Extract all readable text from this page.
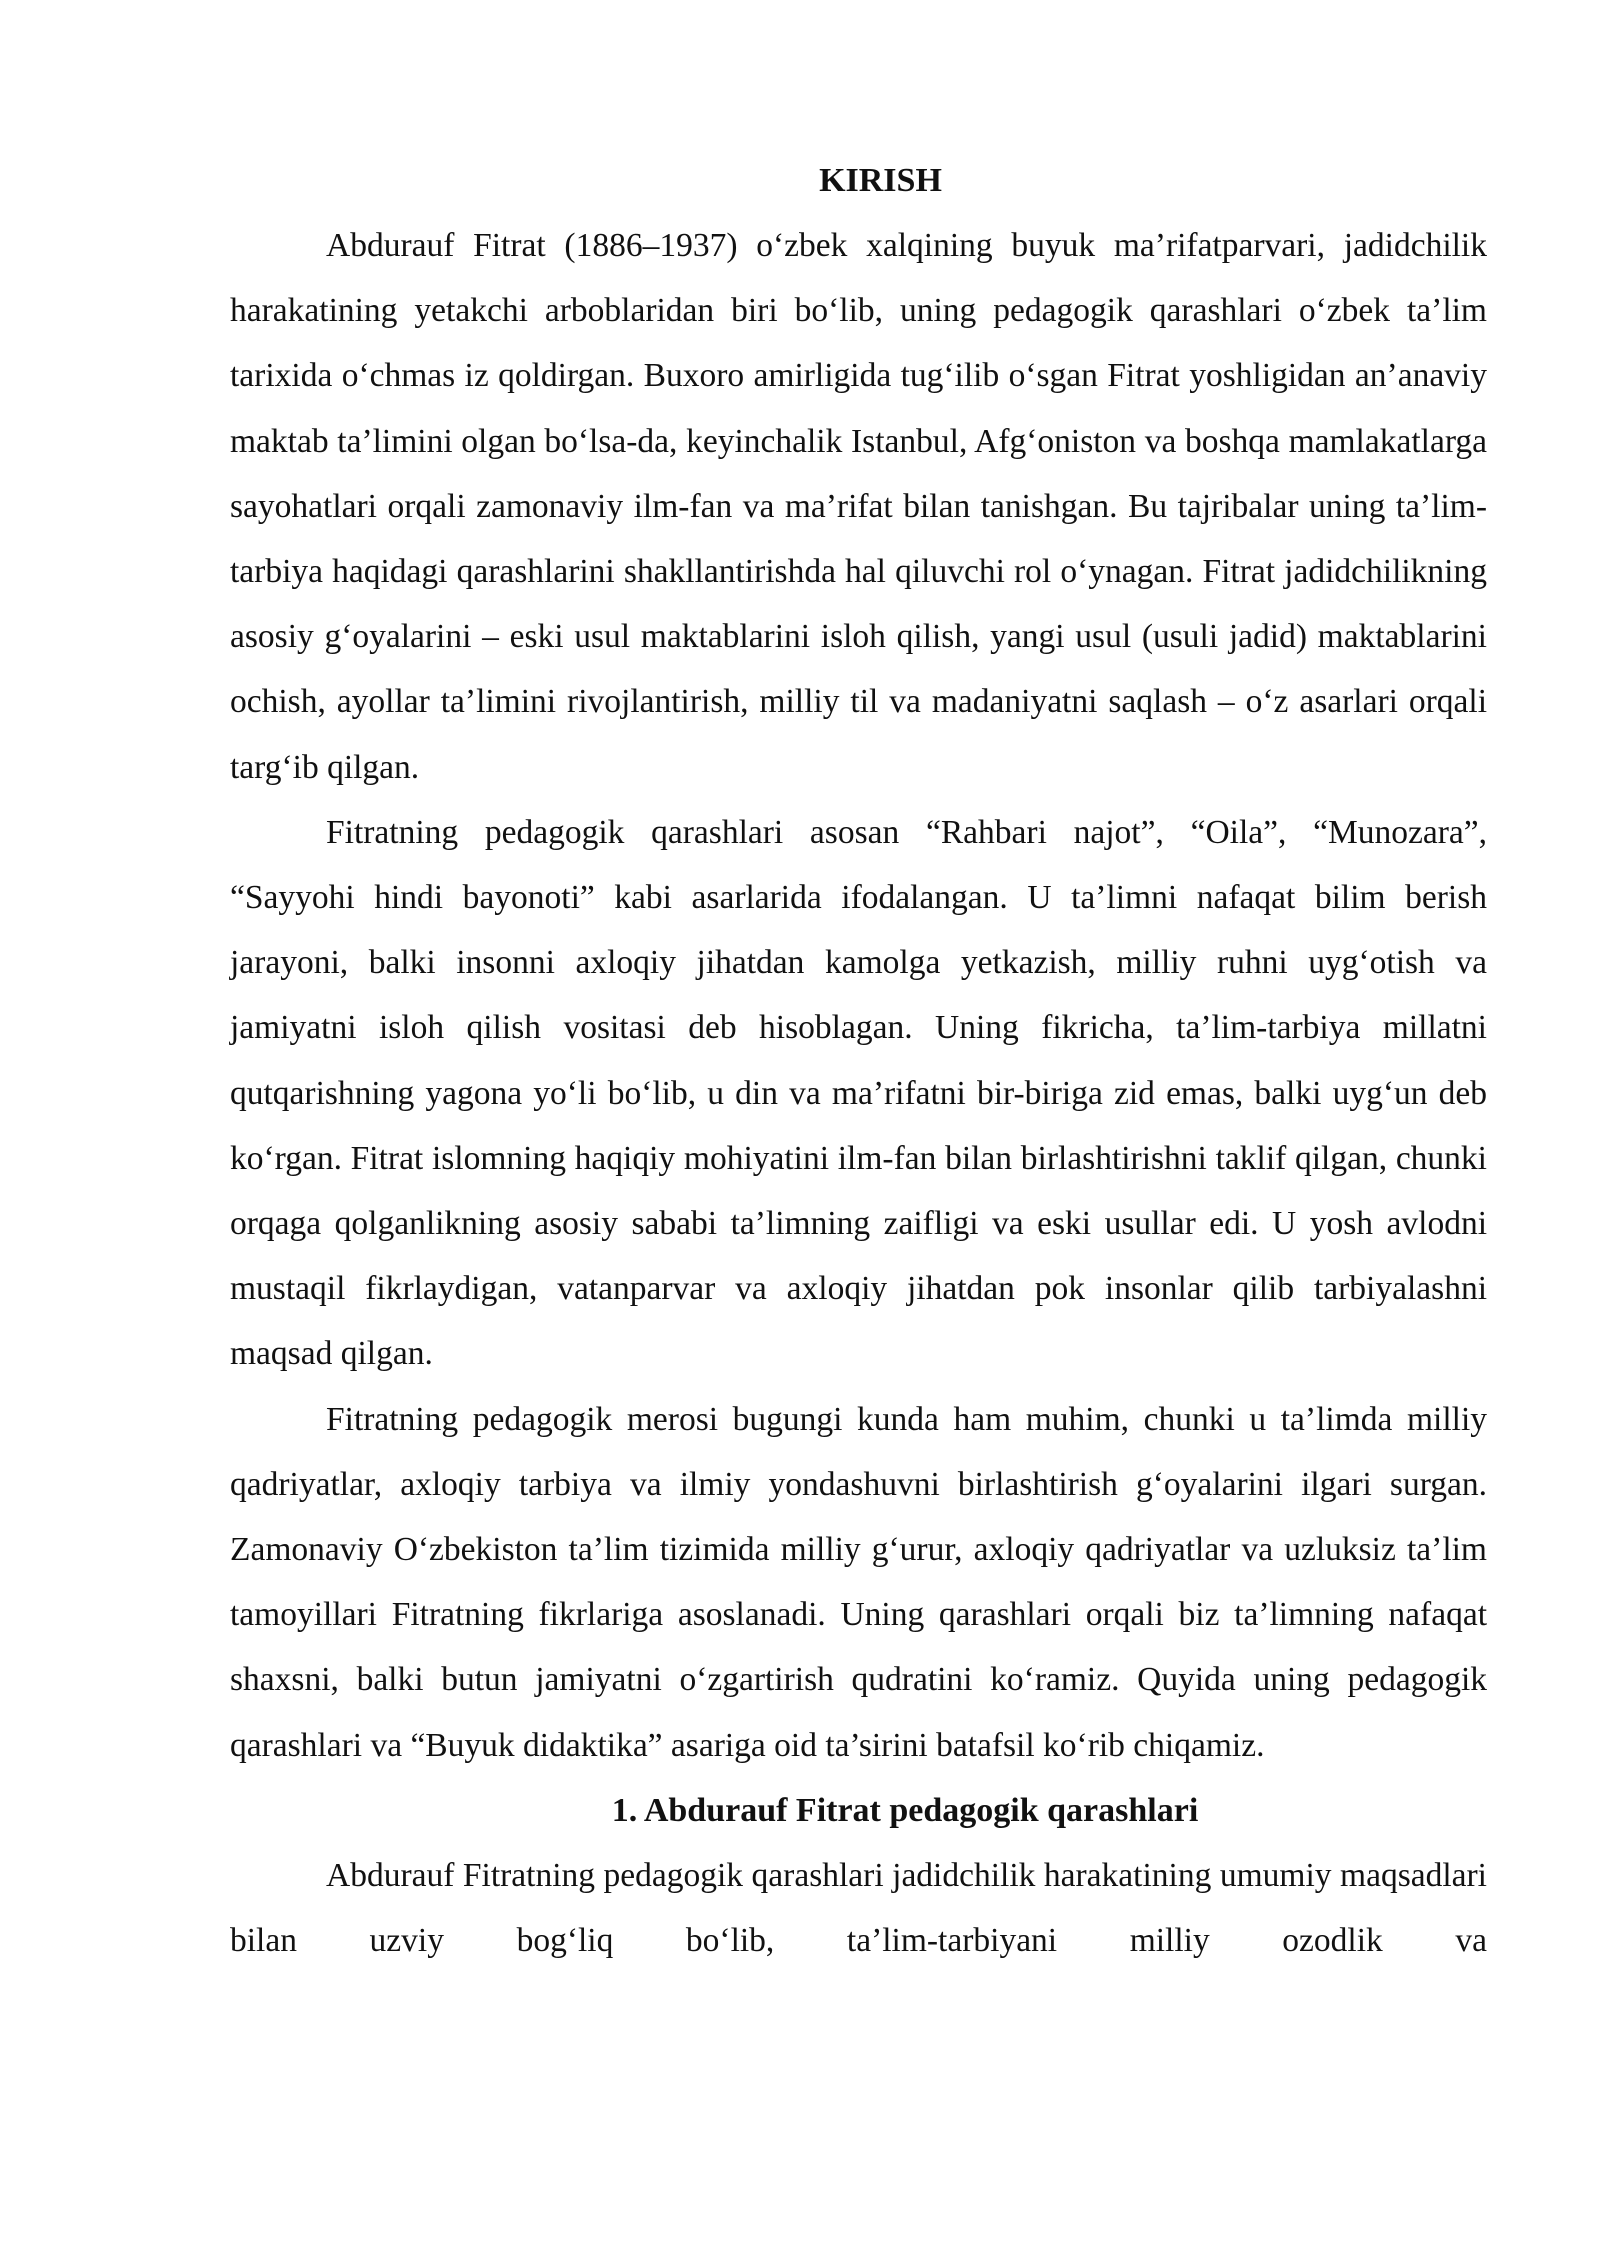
KIRISH

Abdurauf Fitrat (1886–1937) o‘zbek xalqining buyuk ma’rifatparvari, jadidchilik harakatining yetakchi arboblaridan biri bo‘lib, uning pedagogik qarashlari o‘zbek ta’lim tarixida o‘chmas iz qoldirgan. Buxoro amirligida tug‘ilib o‘sgan Fitrat yoshligidan an’anaviy maktab ta’limini olgan bo‘lsa-da, keyinchalik Istanbul, Afg‘oniston va boshqa mamlakatlarga sayohatlari orqali zamonaviy ilm-fan va ma’rifat bilan tanishgan. Bu tajribalar uning ta’lim-tarbiya haqidagi qarashlarini shakllantirishda hal qiluvchi rol o‘ynagan. Fitrat jadidchilikning asosiy g‘oyalarini – eski usul maktablarini isloh qilish, yangi usul (usuli jadid) maktablarini ochish, ayollar ta’limini rivojlantirish, milliy til va madaniyatni saqlash – o‘z asarlari orqali targ‘ib qilgan.

Fitratning pedagogik qarashlari asosan “Rahbari najot”, “Oila”, “Munozara”, “Sayyohi hindi bayonoti” kabi asarlarida ifodalangan. U ta’limni nafaqat bilim berish jarayoni, balki insonni axloqiy jihatdan kamolga yetkazish, milliy ruhni uyg‘otish va jamiyatni isloh qilish vositasi deb hisoblagan. Uning fikricha, ta’lim-tarbiya millatni qutqarishning yagona yo‘li bo‘lib, u din va ma’rifatni bir-biriga zid emas, balki uyg‘un deb ko‘rgan. Fitrat islomning haqiqiy mohiyatini ilm-fan bilan birlashtirishni taklif qilgan, chunki orqaga qolganlikning asosiy sababi ta’limning zaifligi va eski usullar edi. U yosh avlodni mustaqil fikrlaydigan, vatanparvar va axloqiy jihatdan pok insonlar qilib tarbiyalashni maqsad qilgan.

Fitratning pedagogik merosi bugungi kunda ham muhim, chunki u ta’limda milliy qadriyatlar, axloqiy tarbiya va ilmiy yondashuvni birlashtirish g‘oyalarini ilgari surgan. Zamonaviy O‘zbekiston ta’lim tizimida milliy g‘urur, axloqiy qadriyatlar va uzluksiz ta’lim tamoyillari Fitratning fikrlariga asoslanadi. Uning qarashlari orqali biz ta’limning nafaqat shaxsni, balki butun jamiyatni o‘zgartirish qudratini ko‘ramiz. Quyida uning pedagogik qarashlari va “Buyuk didaktika” asariga oid ta’sirini batafsil ko‘rib chiqamiz.

1. Abdurauf Fitrat pedagogik qarashlari

Abdurauf Fitratning pedagogik qarashlari jadidchilik harakatining umumiy maqsadlari bilan uzviy bog‘liq bo‘lib, ta’lim-tarbiyani milliy ozodlik va
